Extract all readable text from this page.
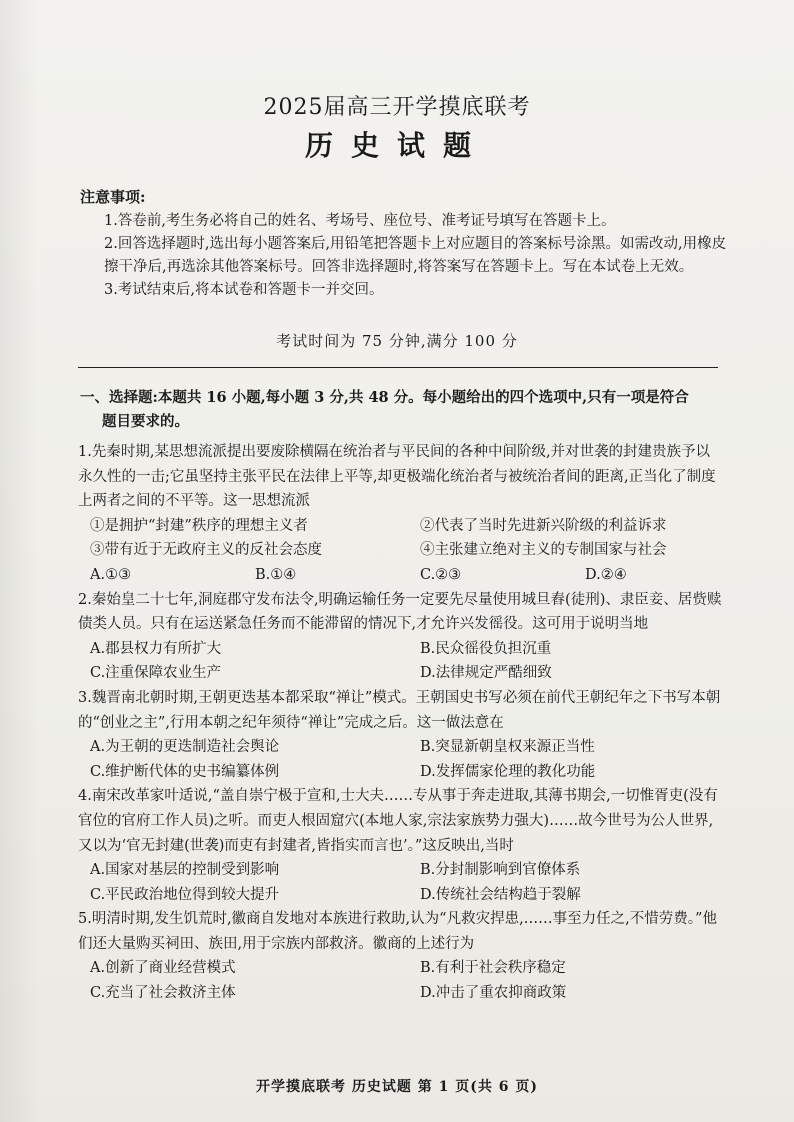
2025届高三开学摸底联考
历史试题
注意事项:

1.答卷前,考生务必将自己的姓名、考场号、座位号、准考证号填写在答题卡上。

2.回答选择题时,选出每小题答案后,用铅笔把答题卡上对应题目的答案标号涂黑。如需改动,用橡皮擦干净后,再选涂其他答案标号。回答非选择题时,将答案写在答题卡上。写在本试卷上无效。

3.考试结束后,将本试卷和答题卡一并交回。

考试时间为 75 分钟,满分 100 分
一、选择题:本题共 16 小题,每小题 3 分,共 48 分。每小题给出的四个选项中,只有一项是符合
题目要求的。

1.先秦时期,某思想流派提出要废除横隔在统治者与平民间的各种中间阶级,并对世袭的封建贵族予以永久性的一击;它虽坚持主张平民在法律上平等,却更极端化统治者与被统治者间的距离,正当化了制度上两者之间的不平等。这一思想流派

①是拥护“封建”秩序的理想主义者	②代表了当时先进新兴阶级的利益诉求
③带有近于无政府主义的反社会态度	④主张建立绝对主义的专制国家与社会
A.①③	B.①④	C.②③	D.②④

2.秦始皇二十七年,洞庭郡守发布法令,明确运输任务一定要先尽量使用城旦舂(徒刑)、隶臣妾、居赀赎债类人员。只有在运送紧急任务而不能滞留的情况下,才允许兴发徭役。这可用于说明当地

A.郡县权力有所扩大	B.民众徭役负担沉重
C.注重保障农业生产	D.法律规定严酷细致

3.魏晋南北朝时期,王朝更迭基本都采取“禅让”模式。王朝国史书写必须在前代王朝纪年之下书写本朝的“创业之主”,行用本朝之纪年须待“禅让”完成之后。这一做法意在

A.为王朝的更迭制造社会舆论	B.突显新朝皇权来源正当性
C.维护断代体的史书编纂体例	D.发挥儒家伦理的教化功能

4.南宋改革家叶适说,“盖自崇宁极于宣和,士大夫……专从事于奔走进取,其薄书期会,一切惟胥吏(没有官位的官府工作人员)之听。而吏人根固窟穴(本地人家,宗法家族势力强大)……故今世号为公人世界,又以为‘官无封建(世袭)而吏有封建者,皆指实而言也’。”这反映出,当时

A.国家对基层的控制受到影响	B.分封制影响到官僚体系
C.平民政治地位得到较大提升	D.传统社会结构趋于裂解

5.明清时期,发生饥荒时,徽商自发地对本族进行救助,认为“凡救灾捍患,……事至力任之,不惜劳费。”他们还大量购买祠田、族田,用于宗族内部救济。徽商的上述行为

A.创新了商业经营模式	B.有利于社会秩序稳定
C.充当了社会救济主体	D.冲击了重农抑商政策
开学摸底联考 历史试题 第 1 页(共 6 页)
